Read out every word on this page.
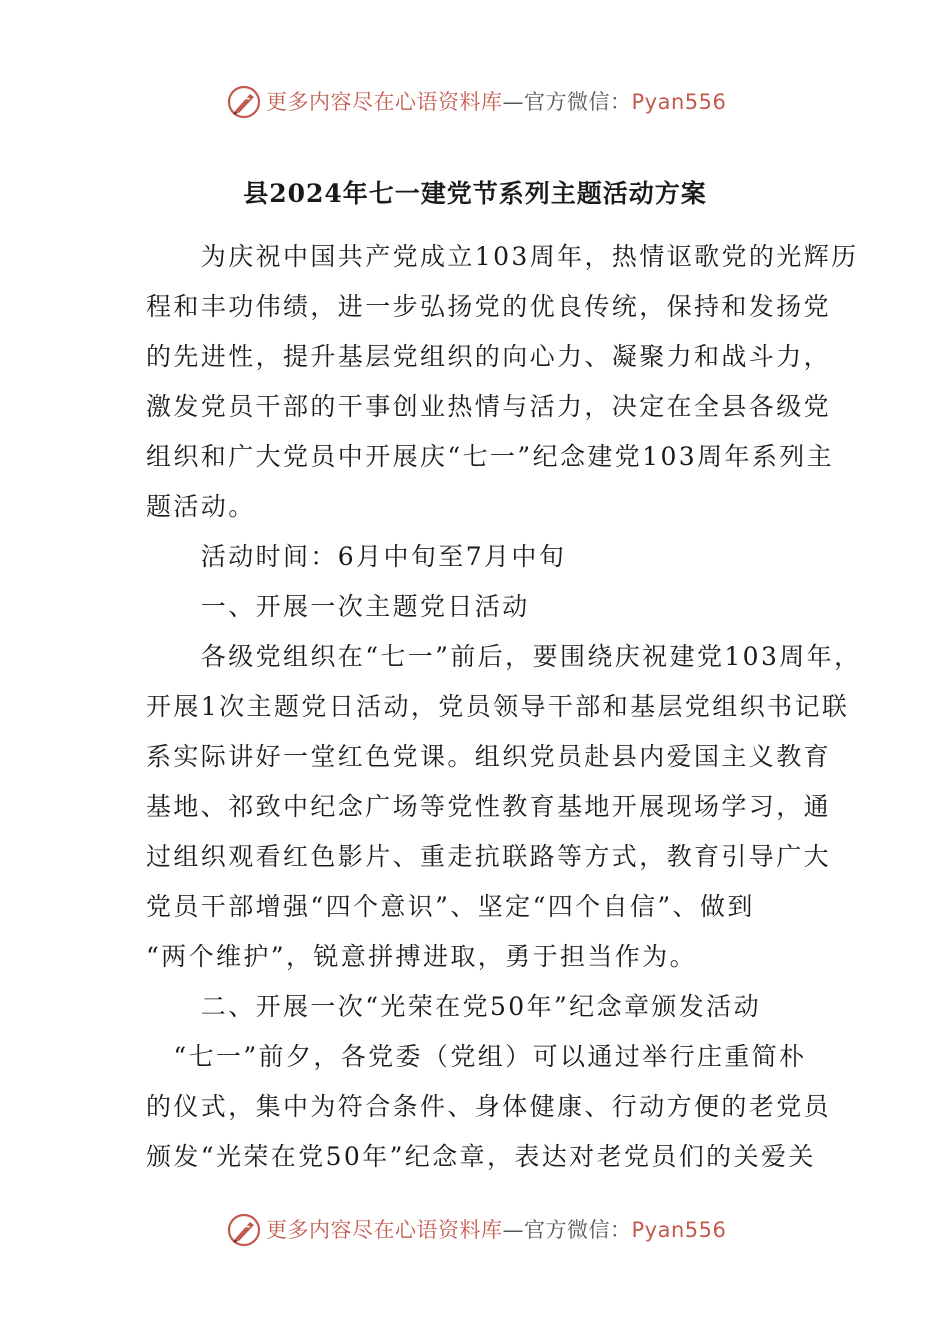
更多内容尽在心语资料库—官方微信：Pyan556
县2024年七一建党节系列主题活动方案
　　为庆祝中国共产党成立103周年，热情讴歌党的光辉历
程和丰功伟绩，进一步弘扬党的优良传统，保持和发扬党
的先进性，提升基层党组织的向心力、凝聚力和战斗力，
激发党员干部的干事创业热情与活力，决定在全县各级党
组织和广大党员中开展庆“七一”纪念建党103周年系列主
题活动。
　　活动时间：6月中旬至7月中旬
　　一、开展一次主题党日活动
　　各级党组织在“七一”前后，要围绕庆祝建党103周年，
开展1次主题党日活动，党员领导干部和基层党组织书记联
系实际讲好一堂红色党课。组织党员赴县内爱国主义教育
基地、祁致中纪念广场等党性教育基地开展现场学习，通
过组织观看红色影片、重走抗联路等方式，教育引导广大
党员干部增强“四个意识”、坚定“四个自信”、做到
“两个维护”，锐意拼搏进取，勇于担当作为。
　　二、开展一次“光荣在党50年”纪念章颁发活动
　“七一”前夕，各党委（党组）可以通过举行庄重简朴
的仪式，集中为符合条件、身体健康、行动方便的老党员
颁发“光荣在党50年”纪念章，表达对老党员们的关爱关
更多内容尽在心语资料库—官方微信：Pyan556
